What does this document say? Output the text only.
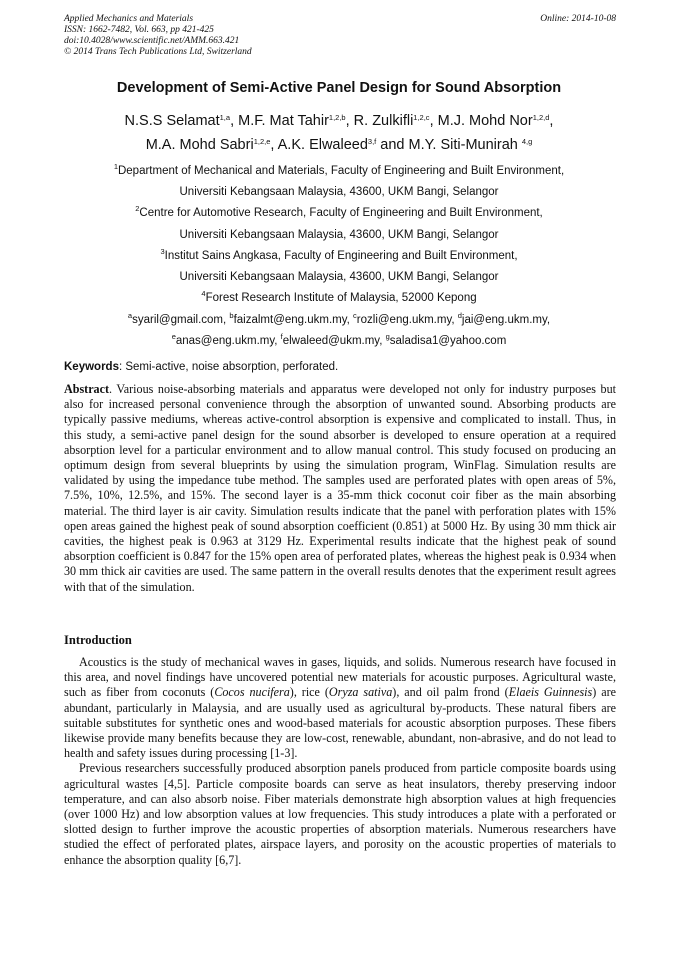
Applied Mechanics and Materials
ISSN: 1662-7482, Vol. 663, pp 421-425
doi:10.4028/www.scientific.net/AMM.663.421
© 2014 Trans Tech Publications Ltd, Switzerland
Online: 2014-10-08
Development of Semi-Active Panel Design for Sound Absorption
N.S.S Selamat$^{1,a}$, M.F. Mat Tahir$^{1,2,b}$, R. Zulkifli$^{1,2,c}$, M.J. Mohd Nor$^{1,2,d}$,
M.A. Mohd Sabri$^{1,2,e}$, A.K. Elwaleed$^{3,f}$ and M.Y. Siti-Munirah $^{4,g}$
$^1$Department of Mechanical and Materials, Faculty of Engineering and Built Environment,
Universiti Kebangsaan Malaysia, 43600, UKM Bangi, Selangor
$^2$Centre for Automotive Research, Faculty of Engineering and Built Environment,
Universiti Kebangsaan Malaysia, 43600, UKM Bangi, Selangor
$^3$Institut Sains Angkasa, Faculty of Engineering and Built Environment,
Universiti Kebangsaan Malaysia, 43600, UKM Bangi, Selangor
$^4$Forest Research Institute of Malaysia, 52000 Kepong
$^a$syaril@gmail.com, $^b$faizalmt@eng.ukm.my, $^c$rozli@eng.ukm.my, $^d$jai@eng.ukm.my,
$^e$anas@eng.ukm.my, $^f$elwaleed@ukm.my, $^g$saladisa1@yahoo.com
Keywords: Semi-active, noise absorption, perforated.
Abstract. Various noise-absorbing materials and apparatus were developed not only for industry purposes but also for increased personal convenience through the absorption of unwanted sound. Absorbing products are typically passive mediums, whereas active-control absorption is expensive and complicated to install. Thus, in this study, a semi-active panel design for the sound absorber is developed to ensure operation at a required absorption level for a particular environment and to allow manual control. This study focused on producing an optimum design from several blueprints by using the simulation program, WinFlag. Simulation results are validated by using the impedance tube method. The samples used are perforated plates with open areas of 5%, 7.5%, 10%, 12.5%, and 15%. The second layer is a 35-mm thick coconut coir fiber as the main absorbing material. The third layer is air cavity. Simulation results indicate that the panel with perforation plates with 15% open areas gained the highest peak of sound absorption coefficient (0.851) at 5000 Hz. By using 30 mm thick air cavities, the highest peak is 0.963 at 3129 Hz. Experimental results indicate that the highest peak of sound absorption coefficient is 0.847 for the 15% open area of perforated plates, whereas the highest peak is 0.934 when 30 mm thick air cavities are used. The same pattern in the overall results denotes that the experiment result agrees with that of the simulation.
Introduction

Acoustics is the study of mechanical waves in gases, liquids, and solids. Numerous research have focused in this area, and novel findings have uncovered potential new materials for acoustic purposes. Agricultural waste, such as fiber from coconuts (Cocos nucifera), rice (Oryza sativa), and oil palm frond (Elaeis Guinnesis) are abundant, particularly in Malaysia, and are usually used as agricultural by-products. These natural fibers are suitable substitutes for synthetic ones and wood-based materials for acoustic absorption purposes. These fibers likewise provide many benefits because they are low-cost, renewable, abundant, non-abrasive, and do not lead to health and safety issues during processing [1-3].

Previous researchers successfully produced absorption panels produced from particle composite boards using agricultural wastes [4,5]. Particle composite boards can serve as heat insulators, thereby preserving indoor temperature, and can also absorb noise. Fiber materials demonstrate high absorption values at high frequencies (over 1000 Hz) and low absorption values at low frequencies. This study introduces a plate with a perforated or slotted design to further improve the acoustic properties of absorption materials. Numerous researchers have studied the effect of perforated plates, airspace layers, and porosity on the acoustic properties of materials to enhance the absorption quality [6,7].
